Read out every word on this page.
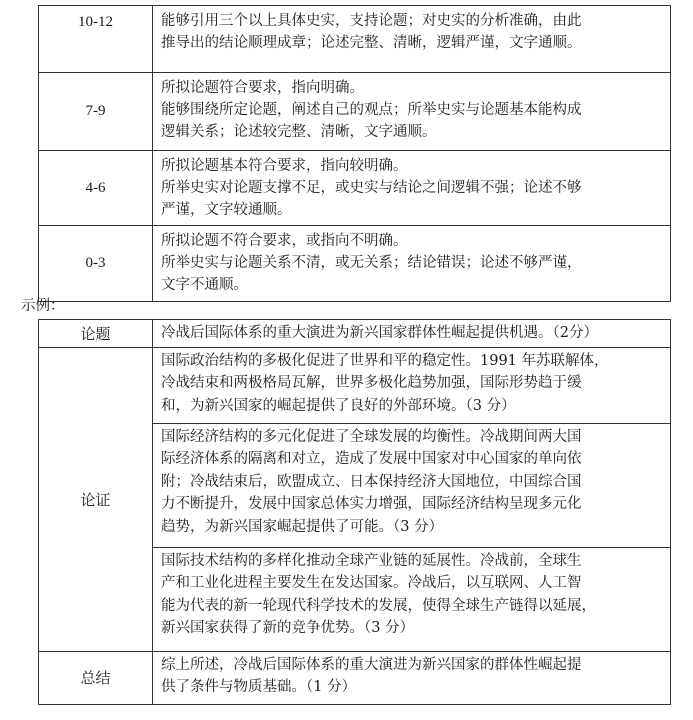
10-12	能够引用三个以上具体史实，支持论题；对史实的分析准确，由此
推导出的结论顺理成章；论述完整、清晰，逻辑严谨，文字通顺。

7-9	所拟论题符合要求，指向明确。
能够围绕所定论题，阐述自己的观点；所举史实与论题基本能构成
逻辑关系；论述较完整、清晰，文字通顺。

4-6	所拟论题基本符合要求，指向较明确。
所举史实对论题支撑不足，或史实与结论之间逻辑不强；论述不够
严谨，文字较通顺。

0-3	所拟论题不符合要求，或指向不明确。
所举史实与论题关系不清，或无关系；结论错误；论述不够严谨，
文字不通顺。
示例：
论题	冷战后国际体系的重大演进为新兴国家群体性崛起提供机遇。（2分）

论证	国际政治结构的多极化促进了世界和平的稳定性。1991 年苏联解体，
冷战结束和两极格局瓦解，世界多极化趋势加强，国际形势趋于缓
和，为新兴国家的崛起提供了良好的外部环境。（3 分）

	国际经济结构的多元化促进了全球发展的均衡性。冷战期间两大国
际经济体系的隔离和对立，造成了发展中国家对中心国家的单向依
附；冷战结束后，欧盟成立、日本保持经济大国地位，中国综合国
力不断提升，发展中国家总体实力增强，国际经济结构呈现多元化
趋势，为新兴国家崛起提供了可能。（3 分）

	国际技术结构的多样化推动全球产业链的延展性。冷战前，全球生
产和工业化进程主要发生在发达国家。冷战后，以互联网、人工智
能为代表的新一轮现代科学技术的发展，使得全球生产链得以延展，
新兴国家获得了新的竞争优势。（3 分）

总结	综上所述，冷战后国际体系的重大演进为新兴国家的群体性崛起提
供了条件与物质基础。（1 分）
